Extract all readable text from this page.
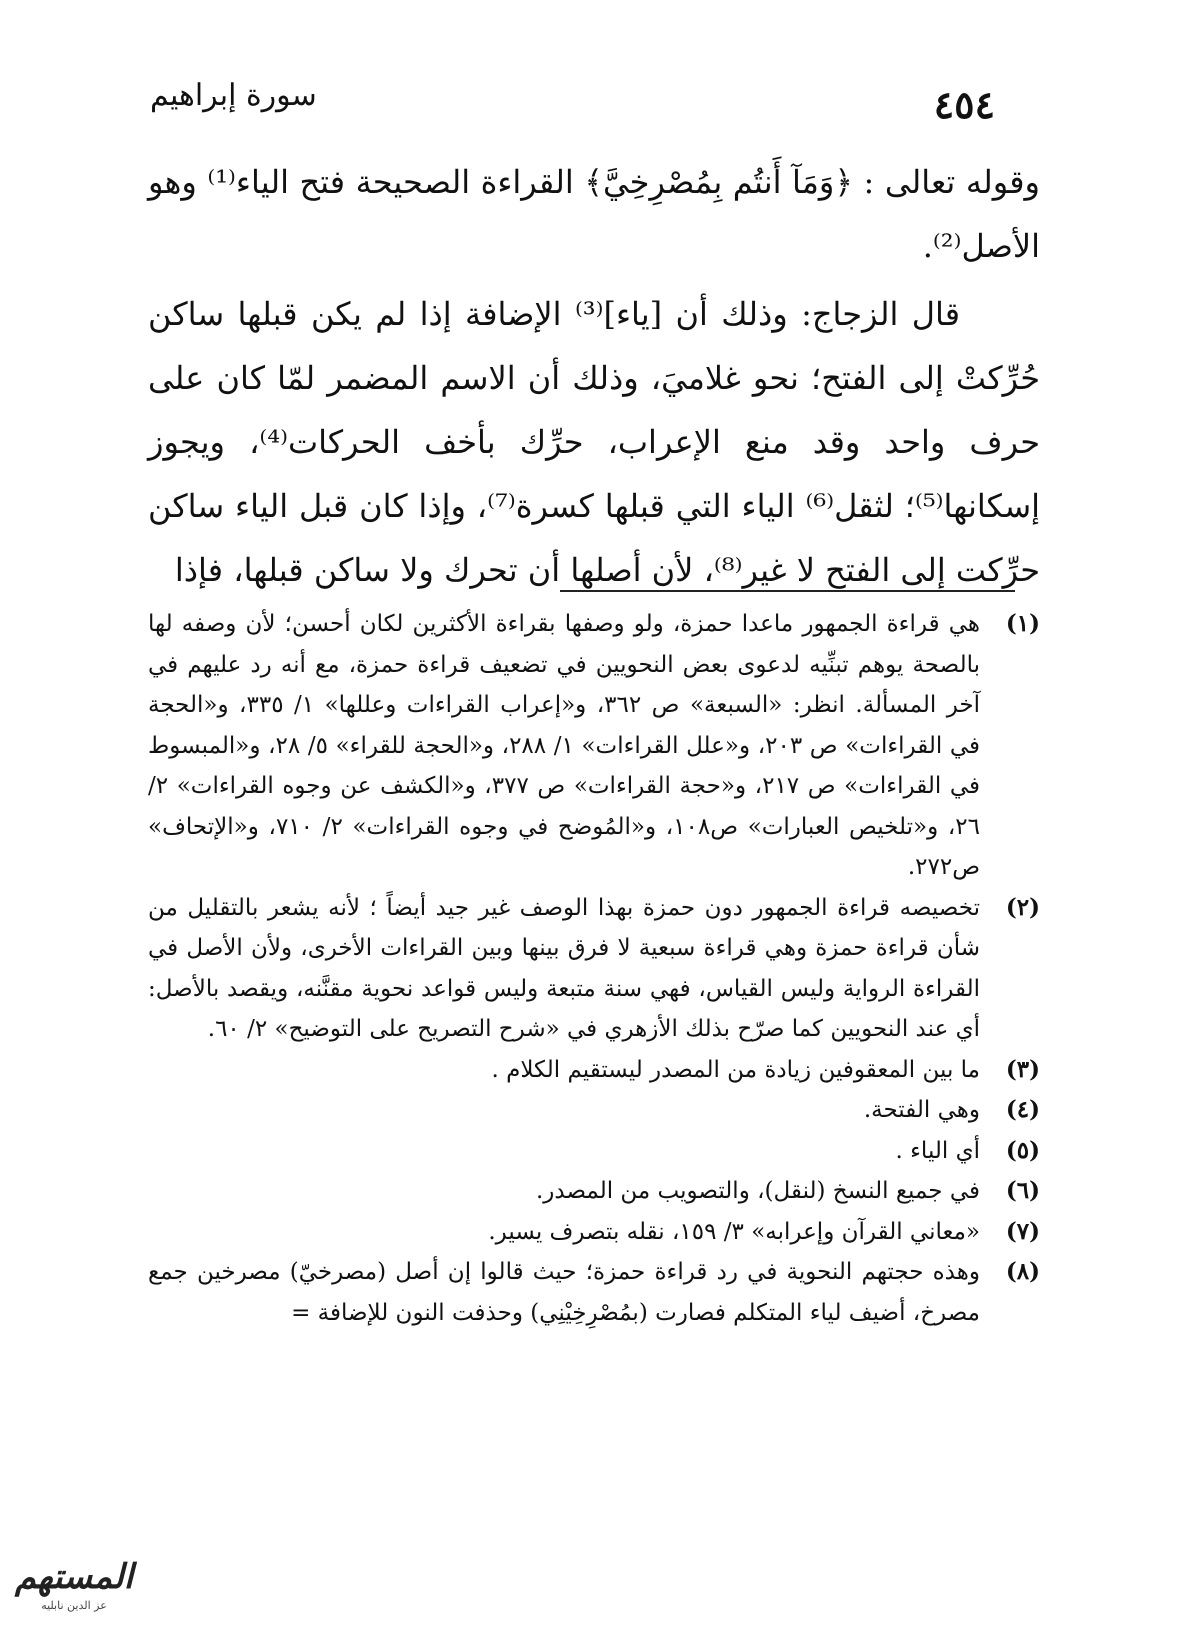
٤٥٤
سورة إبراهيم

وقوله تعالى : ﴿وَمَآ أَنتُم بِمُصْرِخِيَّ﴾ القراءة الصحيحة فتح الياء⁽¹⁾ وهو الأصل⁽²⁾.

قال الزجاج: وذلك أن [ياء]⁽³⁾ الإضافة إذا لم يكن قبلها ساكن حُرِّكتْ إلى الفتح؛ نحو غلاميَ، وذلك أن الاسم المضمر لمّا كان على حرف واحد وقد منع الإعراب، حرِّك بأخف الحركات⁽⁴⁾، ويجوز إسكانها⁽⁵⁾؛ لثقل⁽⁶⁾ الياء التي قبلها كسرة⁽⁷⁾، وإذا كان قبل الياء ساكن حرِّكت إلى الفتح لا غير⁽⁸⁾، لأن أصلها أن تحرك ولا ساكن قبلها، فإذا

(١)
هي قراءة الجمهور ماعدا حمزة، ولو وصفها بقراءة الأكثرين لكان أحسن؛ لأن وصفه لها بالصحة يوهم تبنِّيه لدعوى بعض النحويين في تضعيف قراءة حمزة، مع أنه رد عليهم في آخر المسألة. انظر: «السبعة» ص ٣٦٢، و«إعراب القراءات وعللها» ١/ ٣٣٥، و«الحجة في القراءات» ص ٢٠٣، و«علل القراءات» ١/ ٢٨٨، و«الحجة للقراء» ٥/ ٢٨، و«المبسوط في القراءات» ص ٢١٧، و«حجة القراءات» ص ٣٧٧، و«الكشف عن وجوه القراءات» ٢/ ٢٦، و«تلخيص العبارات» ص١٠٨، و«المُوضح في وجوه القراءات» ٢/ ٧١٠، و«الإتحاف» ص٢٧٢.
(٢)
تخصيصه قراءة الجمهور دون حمزة بهذا الوصف غير جيد أيضاً ؛ لأنه يشعر بالتقليل من شأن قراءة حمزة وهي قراءة سبعية لا فرق بينها وبين القراءات الأخرى، ولأن الأصل في القراءة الرواية وليس القياس، فهي سنة متبعة وليس قواعد نحوية مقنَّنه، ويقصد بالأصل: أي عند النحويين كما صرّح بذلك الأزهري في «شرح التصريح على التوضيح» ٢/ ٦٠.
(٣)
ما بين المعقوفين زيادة من المصدر ليستقيم الكلام .
(٤)
وهي الفتحة.
(٥)
أي الياء .
(٦)
في جميع النسخ (لنقل)، والتصويب من المصدر.
(٧)
«معاني القرآن وإعرابه» ٣/ ١٥٩، نقله بتصرف يسير.
(٨)
وهذه حجتهم النحوية في رد قراءة حمزة؛ حيث قالوا إن أصل (مصرخيّ) مصرخين جمع مصرخ، أضيف لياء المتكلم فصارت (بمُصْرِخِيْنِي) وحذفت النون للإضافة =
المستهم
عز الدين نابليه
